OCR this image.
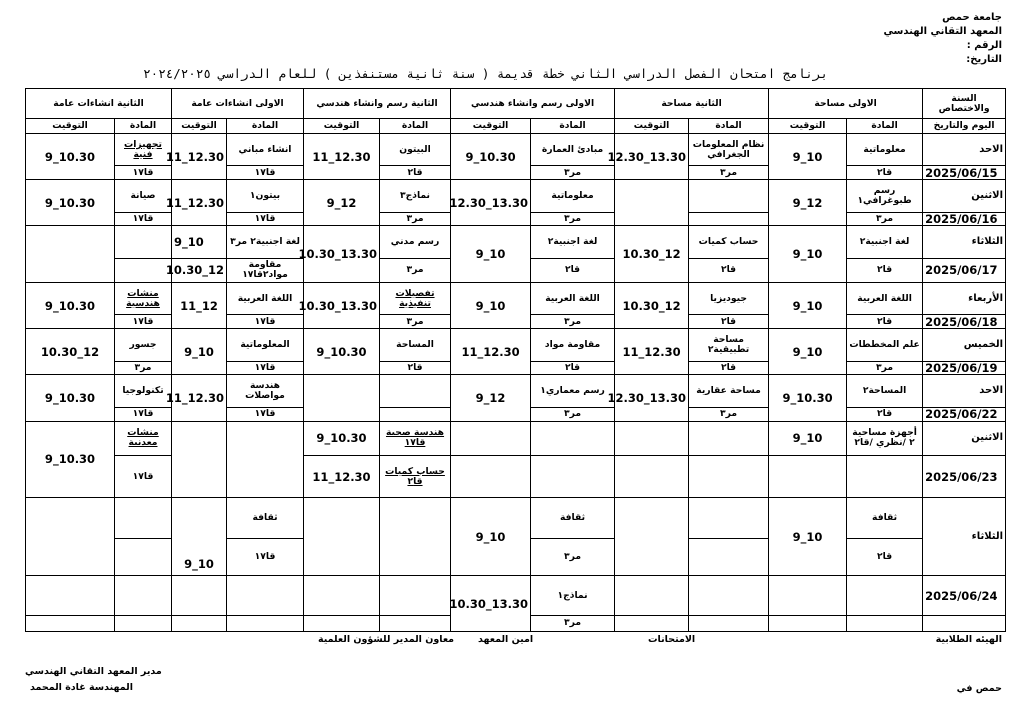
جامعة حمص
المعهد التقاني الهندسي
الرقم :
التاريخ:
برنامج امتحان الفصل الدراسي الثاني خطة قديمة ( سنة ثانية مستنفذين ) للعام الدراسي ٢٠٢٤/٢٠٢٥
السنة والاختصاص	الاولى مساحة		الثانية مساحة		الاولى رسم وانشاء هندسي		الثانية رسم وانشاء هندسي		الاولى انشاءات عامة		الثانية انشاءات عامة	
اليوم والتاريخ	المادة	التوقيت	المادة	التوقيت	المادة	التوقيت	المادة	التوقيت	المادة	التوقيت	المادة	التوقيت
الاحد	معلوماتية	10_9	نظام المعلومات الجغرافي	13.30_12.30	مبادئ العمارة	10.30_9	البيتون	12.30_11	انشاء مباني	12.30_11	تجهيزات فنية	10.30_9
2025/06/15	قا٢		مر٣		مر٣		قا٢		قا١٧		قا١٧	
الاثنين	رسم طبوغرافي١	12_9			معلوماتية	13.30_12.30	نماذج٣	12_9	بيتون١	12.30_11	صيانة	10.30_9
2025/06/16	مر٣				مر٣		مر٣		قا١٧		قا١٧	
الثلاثاء	لغة اجنبية٢	10_9	حساب كميات	12_10.30	لغة اجنبية٢	10_9	رسم مدني	13.30_10.30	لغة اجنبية٢ مر٣	10_9		
2025/06/17	قا٢		قا٢		قا٢		مر٣		مقاومة مواد٢قا١٧	12_10.30		
الأربعاء	اللغة العربية	10_9	جيوديزيا	12_10.30	اللغة العربية	10_9	تفصيلات تنفيذية	13.30_10.30	اللغة العربية	12_11	منشات هندسية	10.30_9
2025/06/18	قا٢		قا٢		مر٣		مر٣		قا١٧		قا١٧	
الخميس	علم المخططات	10_9	مساحة تطبيقية٢	12.30_11	مقاومة مواد	12.30_11	المساحة	10.30_9	المعلوماتية	10_9	جسور	12_10.30
2025/06/19	مر٣		قا٢		قا٢		قا٢		قا١٧		مر٣	
الاحد	المساحة٢	10.30_9	مساحة عقارية	13.30_12.30	رسم معماري١	12_9			هندسة مواصلات	12.30_11	تكنولوجيا	10.30_9
2025/06/22	قا٢		مر٣		مر٣				قا١٧		قا١٧	
الاثنين	أجهزة مساحية ٢ /نظري /قا٢	10_9					هندسة صحية قا١٧	10.30_9			منشات معدنية	10.30_9
2025/06/23							حساب كميات قا٢	12.30_11			قا١٧	
الثلاثاء	ثقافة	10_9			ثقافة	10_9			ثقافة	10_9		
	قا٢				مر٣				قا١٧			
2025/06/24					نماذج١	13.30_10.30						
					مر٣							
الهيئه الطلابية
الامتحانات
امين المعهد
معاون المدير للشؤون العلمية
مدير المعهد التقاني الهندسي
المهندسة غادة المحمد	حمص في
